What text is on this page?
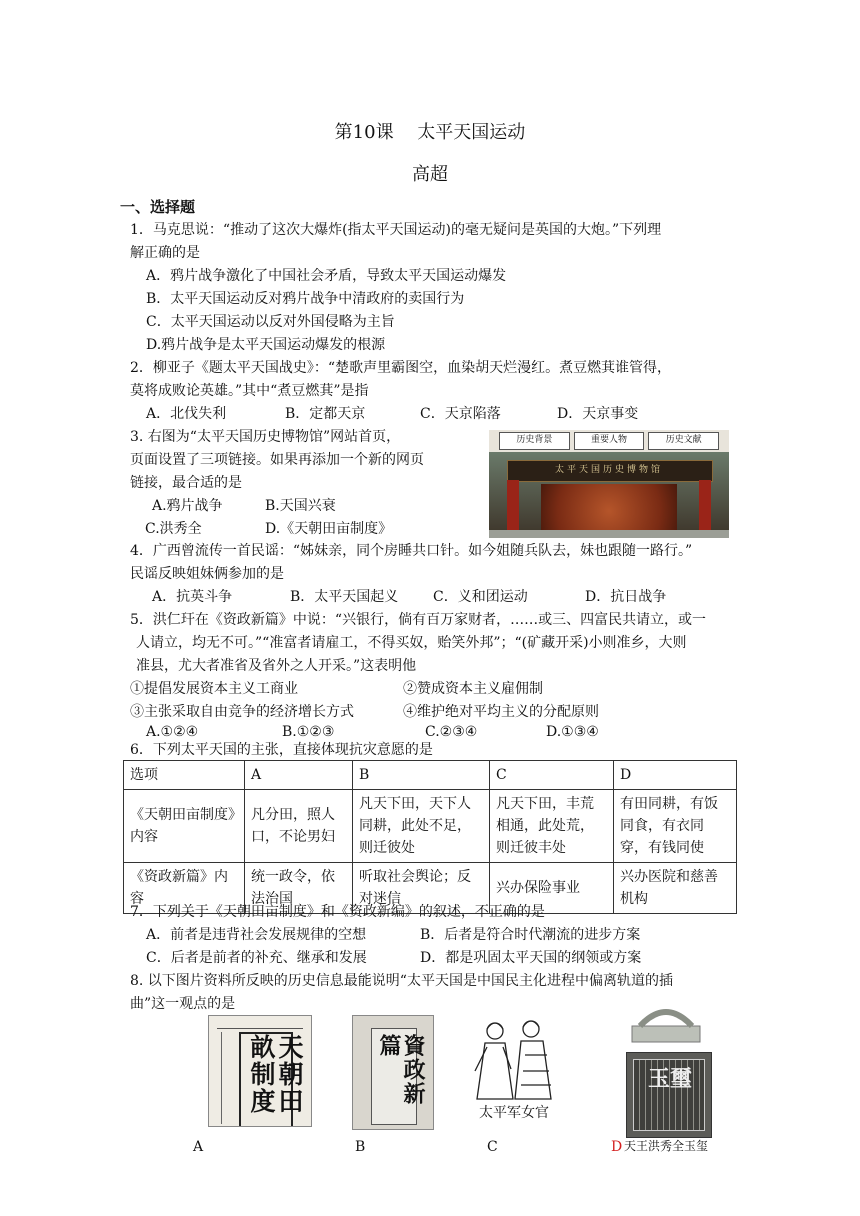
第10课　 太平天国运动
高超
一、选择题
1．马克思说：“推动了这次大爆炸(指太平天国运动)的毫无疑问是英国的大炮。”下列理
解正确的是
A．鸦片战争激化了中国社会矛盾，导致太平天国运动爆发
B．太平天国运动反对鸦片战争中清政府的卖国行为
C．太平天国运动以反对外国侵略为主旨
D.鸦片战争是太平天国运动爆发的根源
2．柳亚子《题太平天国战史》：“楚歌声里霸图空，血染胡天烂漫红。煮豆燃萁谁管得，
莫将成败论英雄。”其中“煮豆燃萁”是指
A．北伐失利	B．定都天京	C．天京陷落	D．天京事变
3. 右图为“太平天国历史博物馆”网站首页，
页面设置了三项链接。如果再添加一个新的网页
链接，最合适的是
A.鸦片战争	B.天国兴衰
C.洪秀全	D.《天朝田亩制度》
历史背景	重要人物	历史文献
太平天国历史博物馆
4．广西曾流传一首民谣：“姊妹亲，同个房睡共口针。如今姐随兵队去，妹也跟随一路行。”
民谣反映姐妹俩参加的是
A．抗英斗争	B．太平天国起义 C．义和团运动	D．抗日战争
5．洪仁玕在《资政新篇》中说：“兴银行，倘有百万家财者，……或三、四富民共请立，或一
人请立，均无不可。”“准富者请雇工，不得买奴，贻笑外邦”；“(矿藏开采)小则准乡，大则
准县，尤大者准省及省外之人开采。”这表明他
①提倡发展资本主义工商业	②赞成资本主义雇佣制
③主张采取自由竞争的经济增长方式	④维护绝对平均主义的分配原则
A.①②④	B.①②③	C.②③④	D.①③④
6．下列太平天国的主张，直接体现抗灾意愿的是
选项	A	B	C	D
《天朝田亩制度》内容	凡分田，照人口，不论男妇	凡天下田，天下人同耕，此处不足，则迁彼处	凡天下田，丰荒相通，此处荒，则迁彼丰处	有田同耕，有饭同食，有衣同穿，有钱同使
《资政新篇》内容	统一政令，依法治国	听取社会舆论；反对迷信	兴办保险事业	兴办医院和慈善机构
7．下列关于《天朝田亩制度》和《资政新编》的叙述，不正确的是
A．前者是违背社会发展规律的空想	B．后者是符合时代潮流的进步方案
C．后者是前者的补充、继承和发展	D．都是巩固太平天国的纲领或方案
8. 以下图片资料所反映的历史信息最能说明“太平天国是中国民主化进程中偏离轨道的插
曲”这一观点的是
天朝田畝制度	資政新篇
太平军女官
玉璽
天王洪秀全玉玺
A	B	C	D
